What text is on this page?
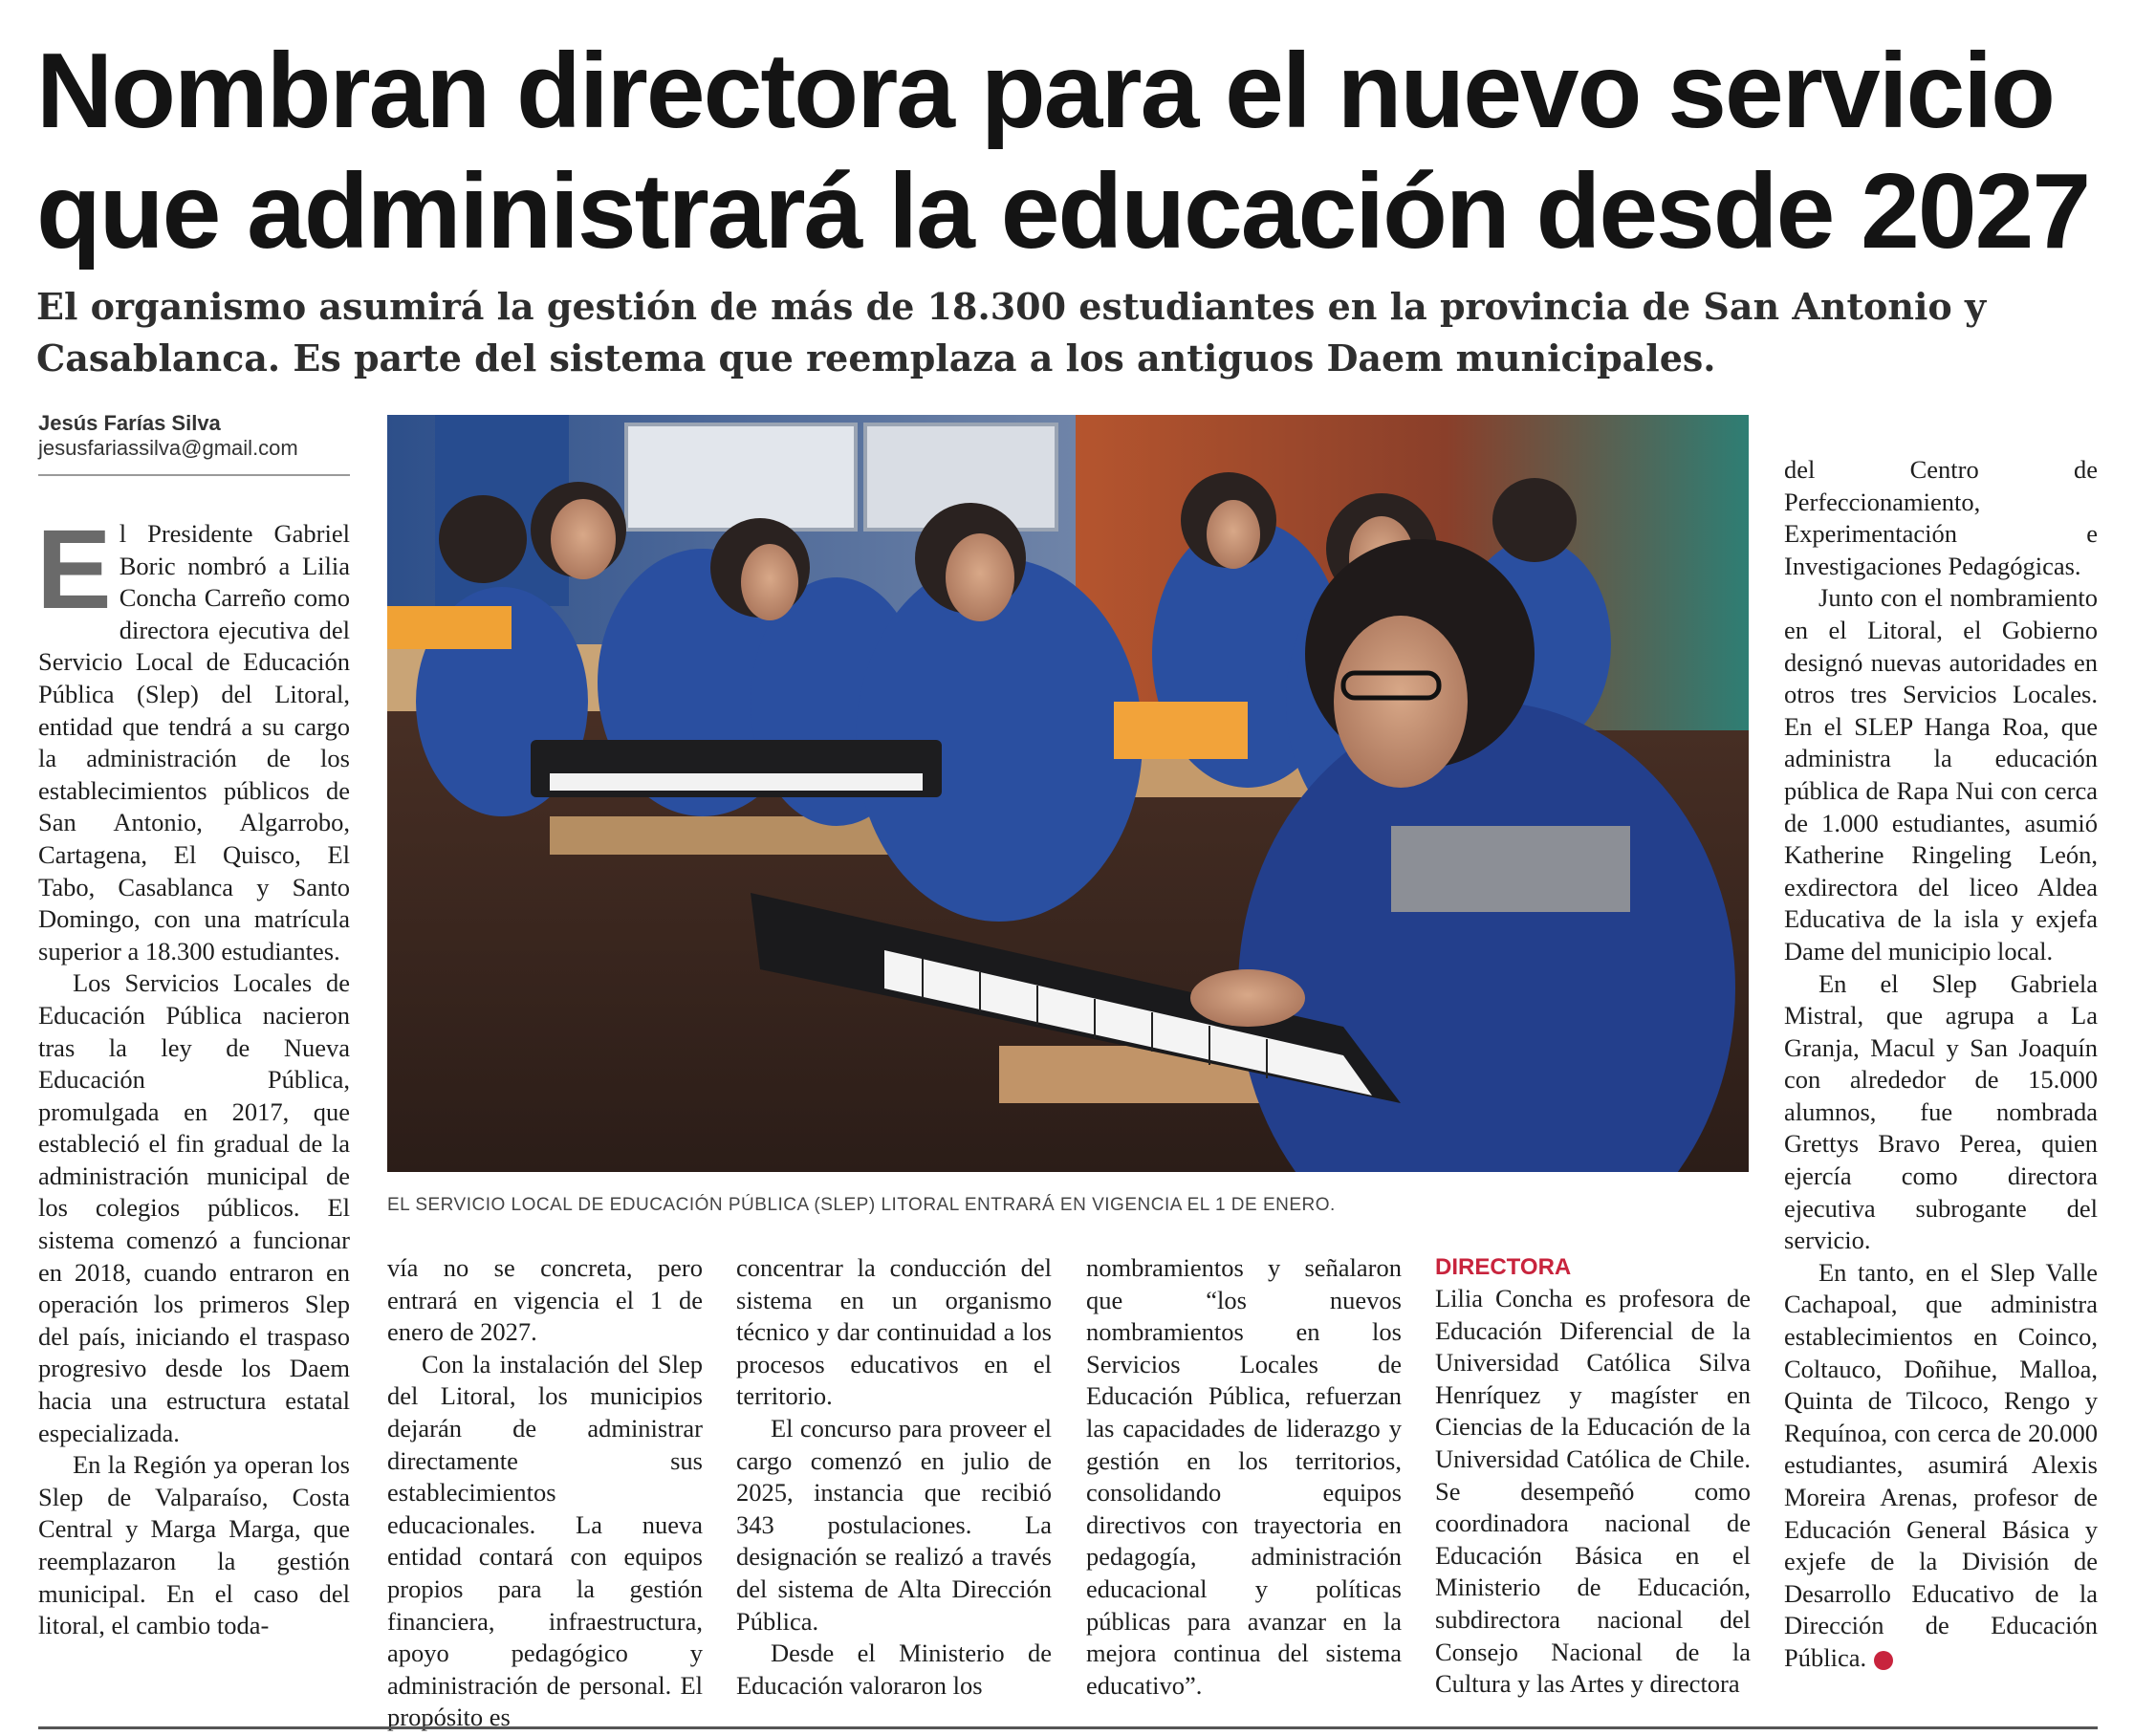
Nombran directora para el nuevo servicio que administrará la educación desde 2027

El organismo asumirá la gestión de más de 18.300 estudiantes en la provincia de San Antonio y Casablanca. Es parte del sistema que reemplaza a los antiguos Daem municipales.

Jesús Farías Silva
jesusfariassilva@gmail.com

El Presidente Gabriel Boric nombró a Lilia Concha Carreño como directora ejecutiva del Servicio Local de Educación Pública (Slep) del Litoral, entidad que tendrá a su cargo la administración de los establecimientos públicos de San Antonio, Algarrobo, Cartagena, El Quisco, El Tabo, Casablanca y Santo Domingo, con una matrícula superior a 18.300 estudiantes.

Los Servicios Locales de Educación Pública nacieron tras la ley de Nueva Educación Pública, promulgada en 2017, que estableció el fin gradual de la administración municipal de los colegios públicos. El sistema comenzó a funcionar en 2018, cuando entraron en operación los primeros Slep del país, iniciando el traspaso progresivo desde los Daem hacia una estructura estatal especializada.

En la Región ya operan los Slep de Valparaíso, Costa Central y Marga Marga, que reemplazaron la gestión municipal. En el caso del litoral, el cambio toda-

EL SERVICIO LOCAL DE EDUCACIÓN PÚBLICA (SLEP) LITORAL ENTRARÁ EN VIGENCIA EL 1 DE ENERO.

vía no se concreta, pero entrará en vigencia el 1 de enero de 2027.

Con la instalación del Slep del Litoral, los municipios dejarán de administrar directamente sus establecimientos educacionales. La nueva entidad contará con equipos propios para la gestión financiera, infraestructura, apoyo pedagógico y administración de personal. El propósito es

concentrar la conducción del sistema en un organismo técnico y dar continuidad a los procesos educativos en el territorio.

El concurso para proveer el cargo comenzó en julio de 2025, instancia que recibió 343 postulaciones. La designación se realizó a través del sistema de Alta Dirección Pública.

Desde el Ministerio de Educación valoraron los

nombramientos y señalaron que “los nuevos nombramientos en los Servicios Locales de Educación Pública, refuerzan las capacidades de liderazgo y gestión en los territorios, consolidando equipos directivos con trayectoria en pedagogía, administración educacional y políticas públicas para avanzar en la mejora continua del sistema educativo”.

DIRECTORA

Lilia Concha es profesora de Educación Diferencial de la Universidad Católica Silva Henríquez y magíster en Ciencias de la Educación de la Universidad Católica de Chile. Se desempeñó como coordinadora nacional de Educación Básica en el Ministerio de Educación, subdirectora nacional del Consejo Nacional de la Cultura y las Artes y directora

del Centro de Perfeccionamiento, Experimentación e Investigaciones Pedagógicas.

Junto con el nombramiento en el Litoral, el Gobierno designó nuevas autoridades en otros tres Servicios Locales. En el SLEP Hanga Roa, que administra la educación pública de Rapa Nui con cerca de 1.000 estudiantes, asumió Katherine Ringeling León, exdirectora del liceo Aldea Educativa de la isla y exjefa Dame del municipio local.

En el Slep Gabriela Mistral, que agrupa a La Granja, Macul y San Joaquín con alrededor de 15.000 alumnos, fue nombrada Grettys Bravo Perea, quien ejercía como directora ejecutiva subrogante del servicio.

En tanto, en el Slep Valle Cachapoal, que administra establecimientos en Coinco, Coltauco, Doñihue, Malloa, Quinta de Tilcoco, Rengo y Requínoa, con cerca de 20.000 estudiantes, asumirá Alexis Moreira Arenas, profesor de Educación General Básica y exjefe de la División de Desarrollo Educativo de la Dirección de Educación Pública.	✪
